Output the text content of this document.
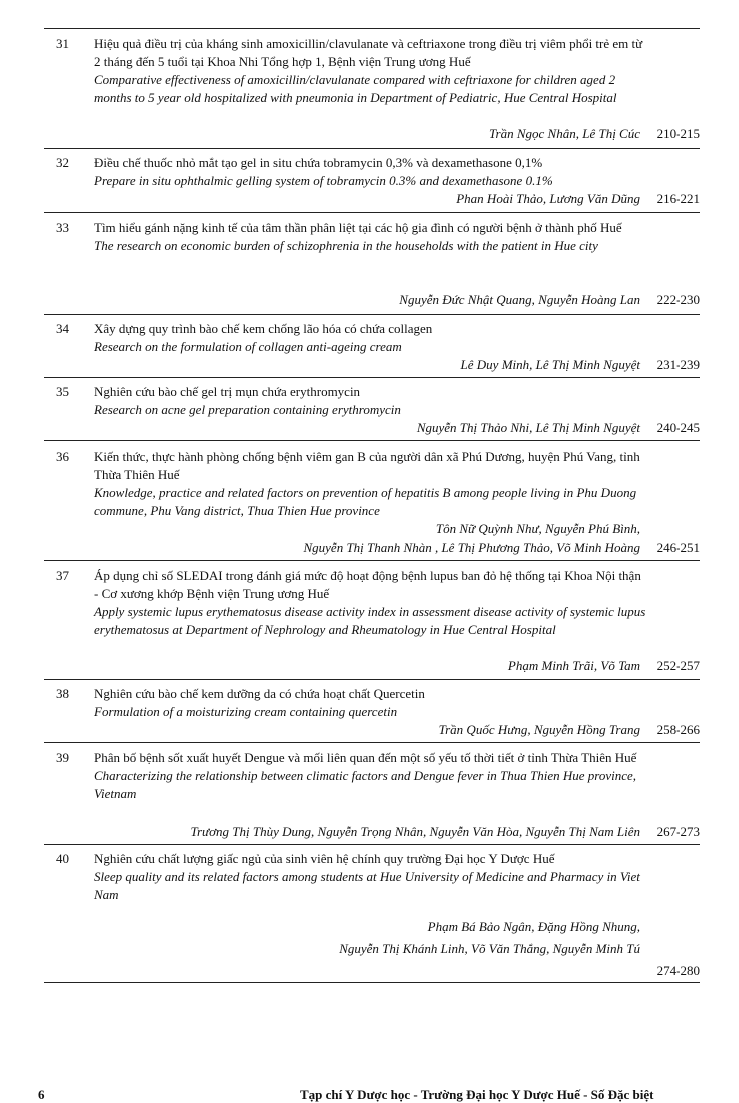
31 Hiệu quả điều trị của kháng sinh amoxicillin/clavulanate và ceftriaxone trong điều trị viêm phổi trẻ em từ 2 tháng đến 5 tuổi tại Khoa Nhi Tổng hợp 1, Bệnh viện Trung ương Huế
Comparative effectiveness of amoxicillin/clavulanate compared with ceftriaxone for children aged 2 months to 5 year old hospitalized with pneumonia in Department of Pediatric, Hue Central Hospital
Trần Ngọc Nhân, Lê Thị Cúc 210-215
32 Điều chế thuốc nhỏ mắt tạo gel in situ chứa tobramycin 0,3% và dexamethasone 0,1%
Prepare in situ ophthalmic gelling system of tobramycin 0.3% and dexamethasone 0.1%
Phan Hoài Thảo, Lương Văn Dũng 216-221
33 Tìm hiểu gánh nặng kinh tế của tâm thần phân liệt tại các hộ gia đình có người bệnh ở thành phố Huế
The research on economic burden of schizophrenia in the households with the patient in Hue city
Nguyễn Đức Nhật Quang, Nguyễn Hoàng Lan 222-230
34 Xây dựng quy trình bào chế kem chống lão hóa có chứa collagen
Research on the formulation of collagen anti-ageing cream
Lê Duy Minh, Lê Thị Minh Nguyệt 231-239
35 Nghiên cứu bào chế gel trị mụn chứa erythromycin
Research on acne gel preparation containing erythromycin
Nguyễn Thị Thảo Nhi, Lê Thị Minh Nguyệt 240-245
36 Kiến thức, thực hành phòng chống bệnh viêm gan B của người dân xã Phú Dương, huyện Phú Vang, tỉnh Thừa Thiên Huế
Knowledge, practice and related factors on prevention of hepatitis B among people living in Phu Duong commune, Phu Vang district, Thua Thien Hue province
Tôn Nữ Quỳnh Như, Nguyễn Phú Bình,
Nguyễn Thị Thanh Nhàn , Lê Thị Phương Thảo, Võ Minh Hoàng 246-251
37 Áp dụng chỉ số SLEDAI trong đánh giá mức độ hoạt động bệnh lupus ban đỏ hệ thống tại Khoa Nội thận - Cơ xương khớp Bệnh viện Trung ương Huế
Apply systemic lupus erythematosus disease activity index in assessment disease activity of systemic lupus erythematosus at Department of Nephrology and Rheumatology in Hue Central Hospital
Phạm Minh Trãi, Võ Tam 252-257
38 Nghiên cứu bào chế kem dưỡng da có chứa hoạt chất Quercetin
Formulation of a moisturizing cream containing quercetin
Trần Quốc Hưng, Nguyễn Hồng Trang 258-266
39 Phân bố bệnh sốt xuất huyết Dengue và mối liên quan đến một số yếu tố thời tiết ở tỉnh Thừa Thiên Huế
Characterizing the relationship between climatic factors and Dengue fever in Thua Thien Hue province, Vietnam
Trương Thị Thùy Dung, Nguyễn Trọng Nhân, Nguyễn Văn Hòa, Nguyễn Thị Nam Liên 267-273
40 Nghiên cứu chất lượng giấc ngủ của sinh viên hệ chính quy trường Đại học Y Dược Huế
Sleep quality and its related factors among students at Hue University of Medicine and Pharmacy in Viet Nam
Phạm Bá Bảo Ngân, Đặng Hồng Nhung,
Nguyễn Thị Khánh Linh, Võ Văn Thắng, Nguyễn Minh Tú
274-280
6	Tạp chí Y Dược học - Trường Đại học Y Dược Huế - Số Đặc biệt
